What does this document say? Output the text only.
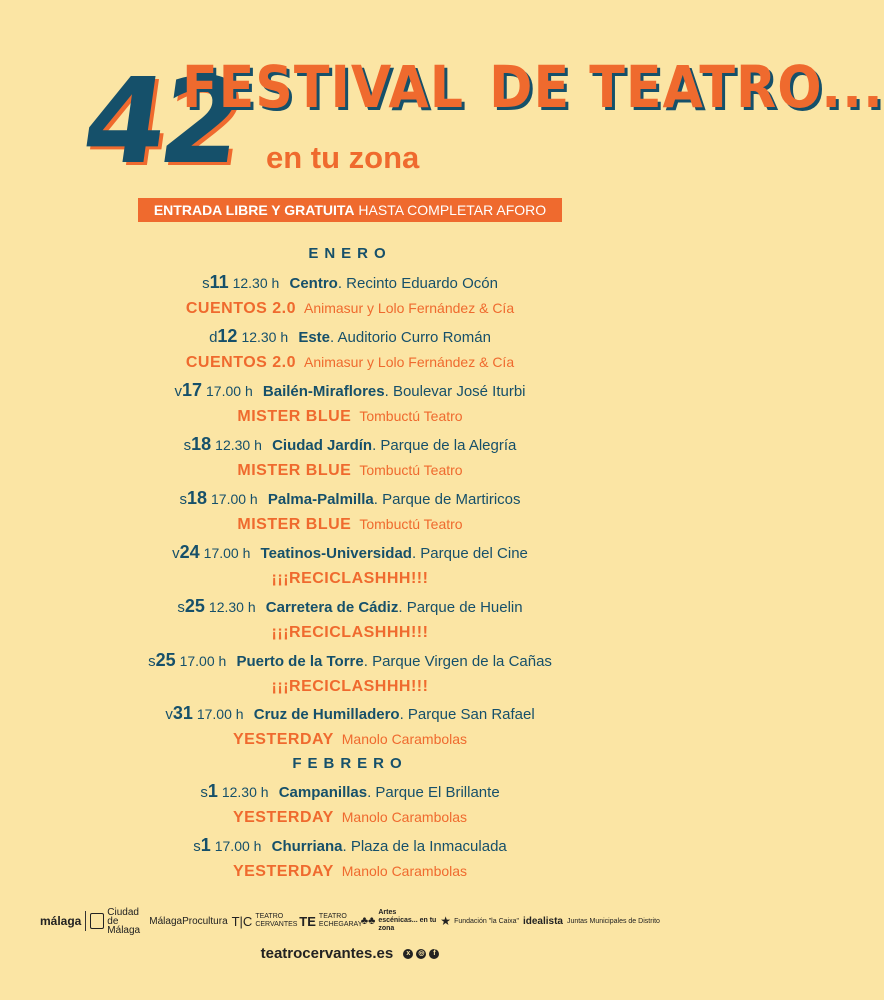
42
FESTIVAL DE TEATRO...
en tu zona
ENTRADA LIBRE Y GRATUITA HASTA COMPLETAR AFORO
ENERO
FEBRERO
s11 12.30 h Centro. Recinto Eduardo Ocón
CUENTOS 2.0 Animasur y Lolo Fernández & Cía
d12 12.30 h Este. Auditorio Curro Román
CUENTOS 2.0 Animasur y Lolo Fernández & Cía
v17 17.00 h Bailén-Miraflores. Boulevar José Iturbi
MISTER BLUE Tombuctú Teatro
s18 12.30 h Ciudad Jardín. Parque de la Alegría
MISTER BLUE Tombuctú Teatro
s18 17.00 h Palma-Palmilla. Parque de Martiricos
MISTER BLUE Tombuctú Teatro
v24 17.00 h Teatinos-Universidad. Parque del Cine
¡¡¡RECICLASHHH!!!
s25 12.30 h Carretera de Cádiz. Parque de Huelin
¡¡¡RECICLASHHH!!!
s25 17.00 h Puerto de la Torre. Parque Virgen de la Cañas
¡¡¡RECICLASHHH!!!
v31 17.00 h Cruz de Humilladero. Parque San Rafael
YESTERDAY Manolo Carambolas
s1 12.30 h Campanillas. Parque El Brillante
YESTERDAY Manolo Carambolas
s1 17.00 h Churriana. Plaza de la Inmaculada
YESTERDAY Manolo Carambolas
málaga
Ciudad de Málaga
MálagaProcultura T|C TEATRO CERVANTES TE TEATRO ECHEGARAY
♣♣
Artes escénicas... en tu zona
★ Fundación "la Caixa" idealista Juntas Municipales de Distrito
teatrocervantes.es	x	◎	f
